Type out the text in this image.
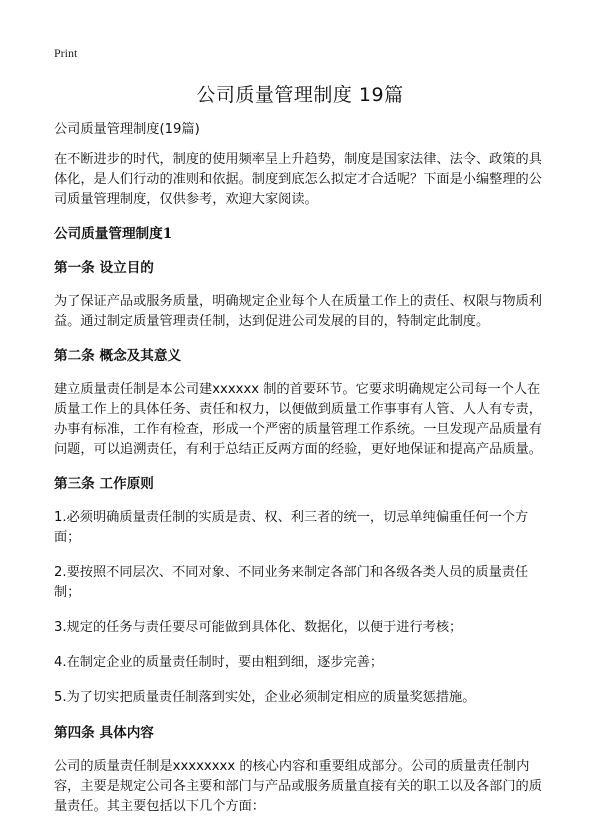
Print
公司质量管理制度 19篇

公司质量管理制度(19篇)

在不断进步的时代，制度的使用频率呈上升趋势，制度是国家法律、法令、政策的具体化，是人们行动的准则和依据。制度到底怎么拟定才合适呢？下面是小编整理的公司质量管理制度，仅供参考，欢迎大家阅读。

公司质量管理制度1
第一条 设立目的

为了保证产品或服务质量，明确规定企业每个人在质量工作上的责任、权限与物质利益。通过制定质量管理责任制，达到促进公司发展的目的，特制定此制度。

第二条 概念及其意义

建立质量责任制是本公司建xxxxxx 制的首要环节。它要求明确规定公司每一个人在质量工作上的具体任务、责任和权力，以便做到质量工作事事有人管、人人有专责，办事有标准，工作有检查，形成一个严密的质量管理工作系统。一旦发现产品质量有问题，可以追溯责任，有利于总结正反两方面的经验，更好地保证和提高产品质量。

第三条 工作原则

1.必须明确质量责任制的实质是责、权、利三者的统一，切忌单纯偏重任何一个方面；

2.要按照不同层次、不同对象、不同业务来制定各部门和各级各类人员的质量责任制；

3.规定的任务与责任要尽可能做到具体化、数据化，以便于进行考核；

4.在制定企业的质量责任制时，要由粗到细，逐步完善；

5.为了切实把质量责任制落到实处，企业必须制定相应的质量奖惩措施。

第四条 具体内容

公司的质量责任制是xxxxxxxx 的核心内容和重要组成部分。公司的质量责任制内容，主要是规定公司各主要和部门与产品或服务质量直接有关的职工以及各部门的质量责任。其主要包括以下几个方面：
